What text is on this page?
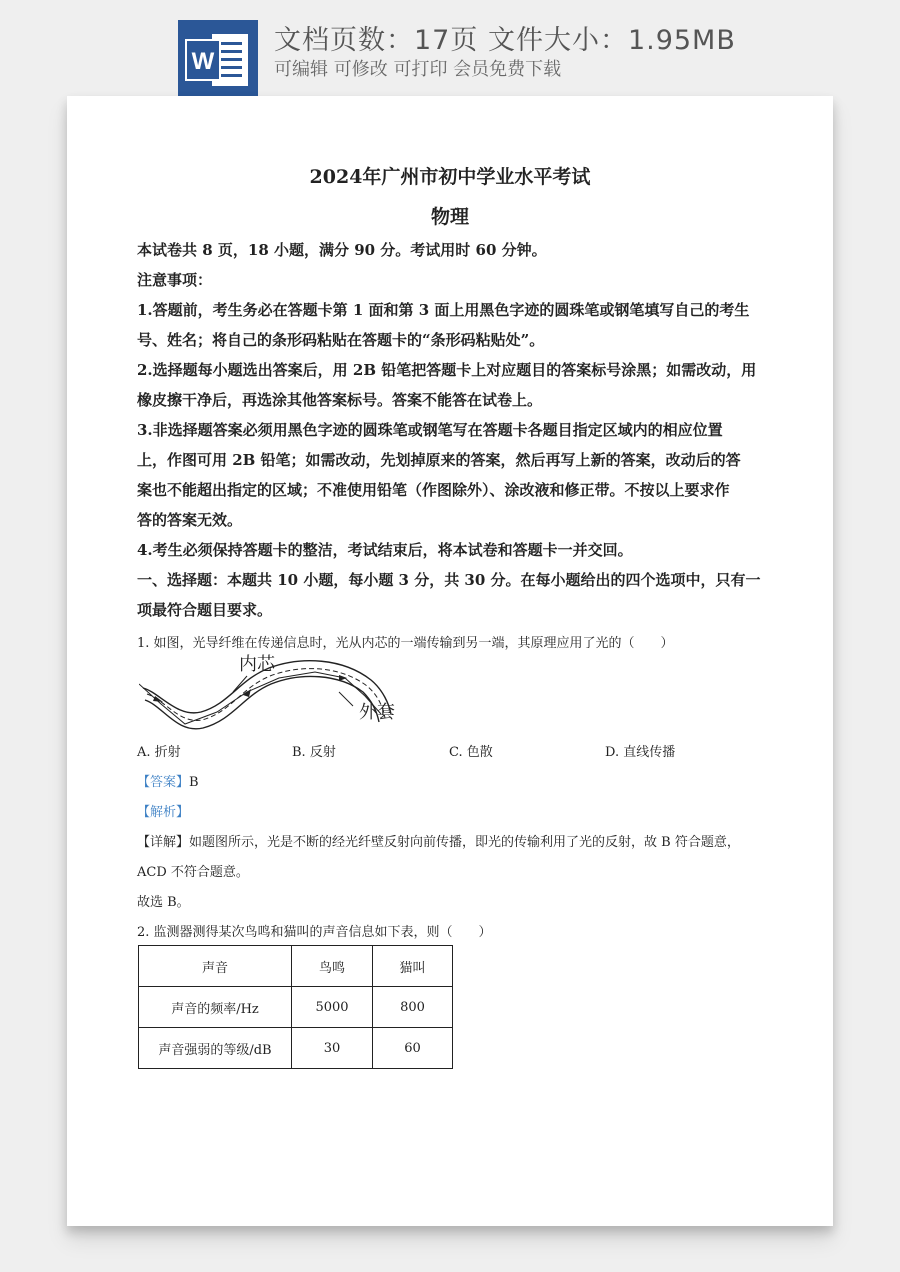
W
文档页数：17页 文件大小：1.95MB
可编辑 可修改 可打印 会员免费下载
2024年广州市初中学业水平考试
物理
本试卷共 8 页，18 小题，满分 90 分。考试用时 60 分钟。
注意事项：
1.答题前，考生务必在答题卡第 1 面和第 3 面上用黑色字迹的圆珠笔或钢笔填写自己的考生
号、姓名；将自己的条形码粘贴在答题卡的“条形码粘贴处”。
2.选择题每小题选出答案后，用 2B 铅笔把答题卡上对应题目的答案标号涂黑；如需改动，用
橡皮擦干净后，再选涂其他答案标号。答案不能答在试卷上。
3.非选择题答案必须用黑色字迹的圆珠笔或钢笔写在答题卡各题目指定区域内的相应位置
上，作图可用 2B 铅笔；如需改动，先划掉原来的答案，然后再写上新的答案，改动后的答
案也不能超出指定的区域；不准使用铅笔（作图除外）、涂改液和修正带。不按以上要求作
答的答案无效。
4.考生必须保持答题卡的整洁，考试结束后，将本试卷和答题卡一并交回。
一、选择题：本题共 10 小题，每小题 3 分，共 30 分。在每小题给出的四个选项中，只有一
项最符合题目要求。
1. 如图，光导纤维在传递信息时，光从内芯的一端传输到另一端，其原理应用了光的（　　）
内芯
外套
A. 折射	B. 反射	C. 色散	D. 直线传播
【答案】B
【解析】
【详解】如题图所示，光是不断的经光纤壁反射向前传播，即光的传输利用了光的反射，故 B 符合题意，
ACD 不符合题意。
故选 B。
2. 监测器测得某次鸟鸣和猫叫的声音信息如下表，则（　　）
声音	鸟鸣	猫叫
声音的频率/Hz	5000	800
声音强弱的等级/dB	30	60
